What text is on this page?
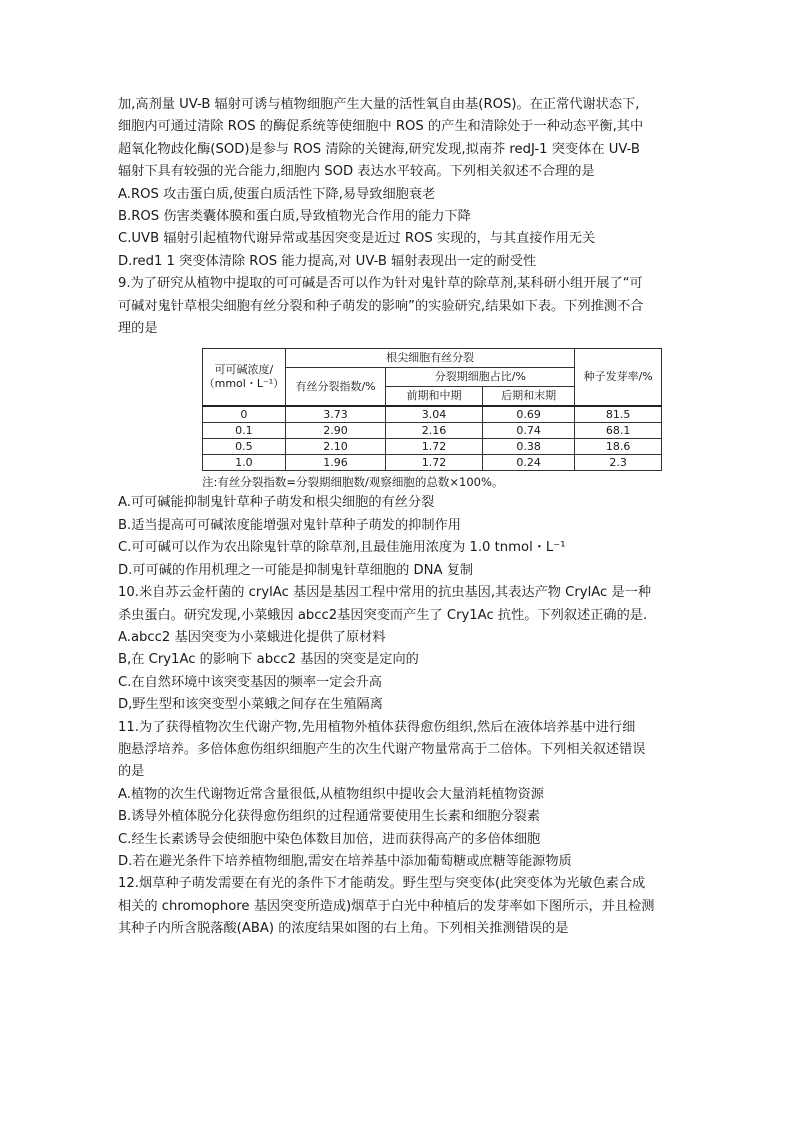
加,高剂量 UV-B 辐射可诱与植物细胞产生大量的活性氧自由基(ROS)。在正常代谢状态下,
细胞内可通过清除 ROS 的酶促系统等使细胞中 ROS 的产生和清除处于一种动态平衡,其中
超氧化物歧化酶(SOD)是参与 ROS 清除的关键海,研究发现,拟南芥 redJ-1 突变体在 UV-B
辐射下具有较强的光合能力,细胞内 SOD 表达水平较高。下列相关叙述不合理的是
A.ROS 攻击蛋白质,使蛋白质活性下降,易导致细胞衰老
B.ROS 伤害类囊体膜和蛋白质,导致植物光合作用的能力下降
C.UVB 辐射引起植物代谢异常或基因突变是近过 ROS 实现的，与其直接作用无关
D.red1 1 突变体清除 ROS 能力提高,对 UV-B 辐射表现出一定的耐受性
9.为了研究从植物中提取的可可碱是否可以作为针对鬼针草的除草剂,某科研小组开展了“可
可碱对鬼针草根尖细胞有丝分裂和种子萌发的影响”的实验研究,结果如下表。下列推测不合
理的是
可可碱浓度/（mmol・L⁻¹）	根尖细胞有丝分裂			种子发芽率/%
	有丝分裂指数/%	分裂期细胞占比/%		
		前期和中期	后期和末期	
0	3.73	3.04	0.69	81.5
0.1	2.90	2.16	0.74	68.1
0.5	2.10	1.72	0.38	18.6
1.0	1.96	1.72	0.24	2.3
注:有丝分裂指数=分裂期细胞数/观察细胞的总数×100%。
A.可可碱能抑制鬼针草种子萌发和根尖细胞的有丝分裂
B.适当提高可可碱浓度能增强对鬼针草种子萌发的抑制作用
C.可可碱可以作为农出除鬼针草的除草剂,且最佳施用浓度为 1.0 tnmol・L⁻¹
D.可可碱的作用机理之一可能是抑制鬼针草细胞的 DNA 复制
10.米自苏云金杆菌的 crylAc 基因是基因工程中常用的抗虫基因,其表达产物 CrylAc 是一种
杀虫蛋白。研究发现,小菜蛾因 abcc2基因突变而产生了 Cry1Ac 抗性。下列叙述正确的是.
A.abcc2 基因突变为小菜蛾进化提供了原材料
B,在 Cry1Ac 的影响下 abcc2 基因的突变是定向的
C.在自然环境中该突变基因的频率一定会升高
D,野生型和该突变型小菜蛾之间存在生殖隔离
11.为了获得植物次生代谢产物,先用植物外植体获得愈伤组织,然后在液体培养基中进行细
胞悬浮培养。多倍体愈伤组织细胞产生的次生代谢产物量常高于二倍体。下列相关叙述错误
的是
A.植物的次生代谢物近常含量很低,从植物组织中提收会大量消耗植物资源
B.诱导外植体脱分化获得愈伤组织的过程通常要使用生长素和细胞分裂素
C.经生长素诱导会使细胞中染色体数目加倍，进而获得高产的多倍体细胞
D.若在避光条件下培养植物细胞,需安在培养基中添加葡萄糖或庶糖等能源物质
12.烟草种子萌发需要在有光的条件下才能萌发。野生型与突变体(此突变体为光敏色素合成
相关的 chromophore 基因突变所造成)烟草于白光中种植后的发芽率如下图所示，并且检测
其种子内所含脱落酸(ABA) 的浓度结果如图的右上角。下列相关推测错误的是
